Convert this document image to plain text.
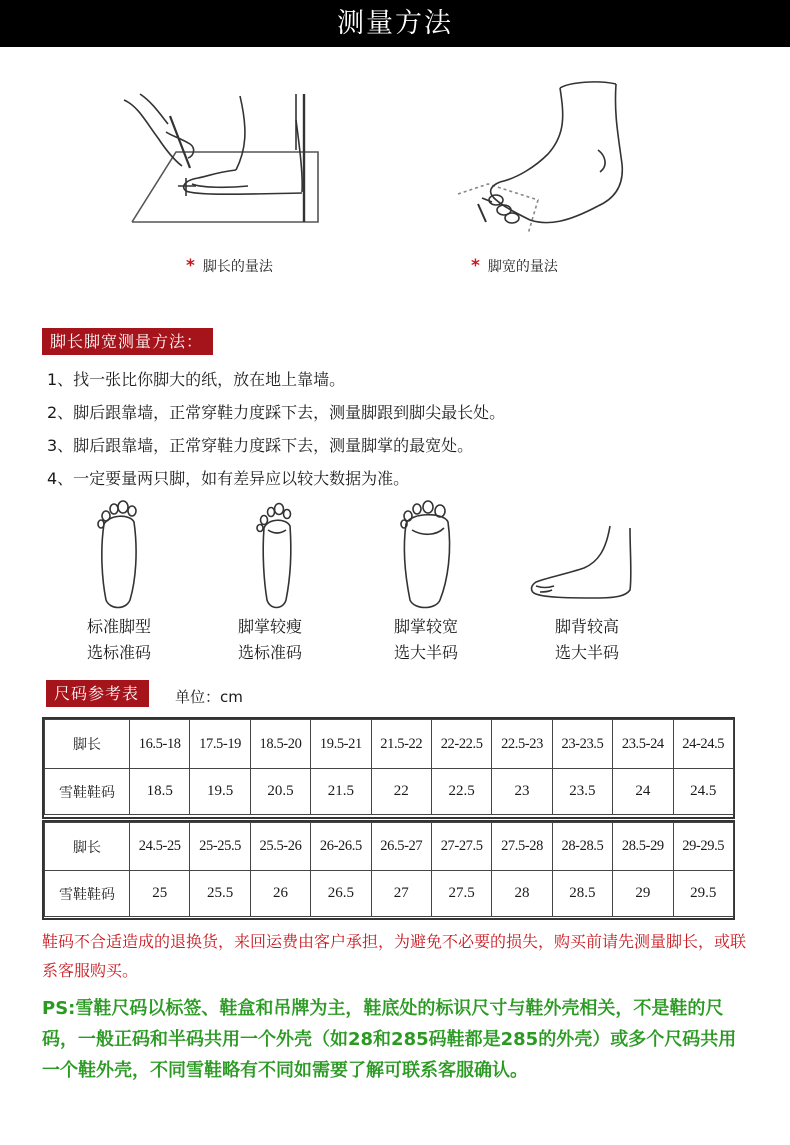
测量方法
* 脚长的量法	* 脚宽的量法
脚长脚宽测量方法：
1、找一张比你脚大的纸，放在地上靠墙。
2、脚后跟靠墙，正常穿鞋力度踩下去，测量脚跟到脚尖最长处。
3、脚后跟靠墙，正常穿鞋力度踩下去，测量脚掌的最宽处。
4、一定要量两只脚，如有差异应以较大数据为准。
标准脚型
选标准码
脚掌较瘦
选标准码
脚掌较宽
选大半码
脚背较高
选大半码
尺码参考表	单位：cm
脚长	16.5-18	17.5-19	18.5-20	19.5-21	21.5-22	22-22.5	22.5-23	23-23.5	23.5-24	24-24.5
雪鞋鞋码	18.5	19.5	20.5	21.5	22	22.5	23	23.5	24	24.5
脚长	24.5-25	25-25.5	25.5-26	26-26.5	26.5-27	27-27.5	27.5-28	28-28.5	28.5-29	29-29.5
雪鞋鞋码	25	25.5	26	26.5	27	27.5	28	28.5	29	29.5
鞋码不合适造成的退换货，来回运费由客户承担，为避免不必要的损失，购买前请先测量脚长，或联系客服购买。
PS:雪鞋尺码以标签、鞋盒和吊牌为主，鞋底处的标识尺寸与鞋外壳相关，不是鞋的尺码，一般正码和半码共用一个外壳（如28和285码鞋都是285的外壳）或多个尺码共用一个鞋外壳，不同雪鞋略有不同如需要了解可联系客服确认。
